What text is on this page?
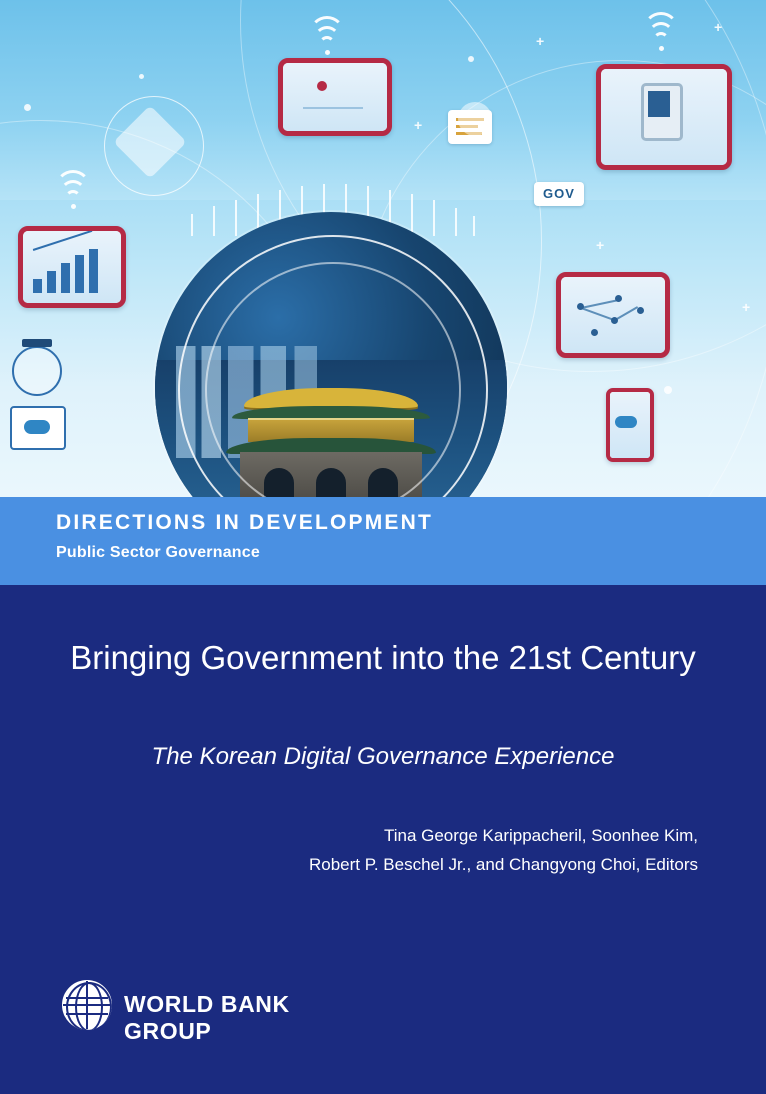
+
+
+
+
+
GOV
DIRECTIONS IN DEVELOPMENT
Public Sector Governance
Bringing Government into the 21st Century
The Korean Digital Governance Experience
Tina George Karippacheril, Soonhee Kim,
Robert P. Beschel Jr., and Changyong Choi, Editors
WORLD BANK GROUP
